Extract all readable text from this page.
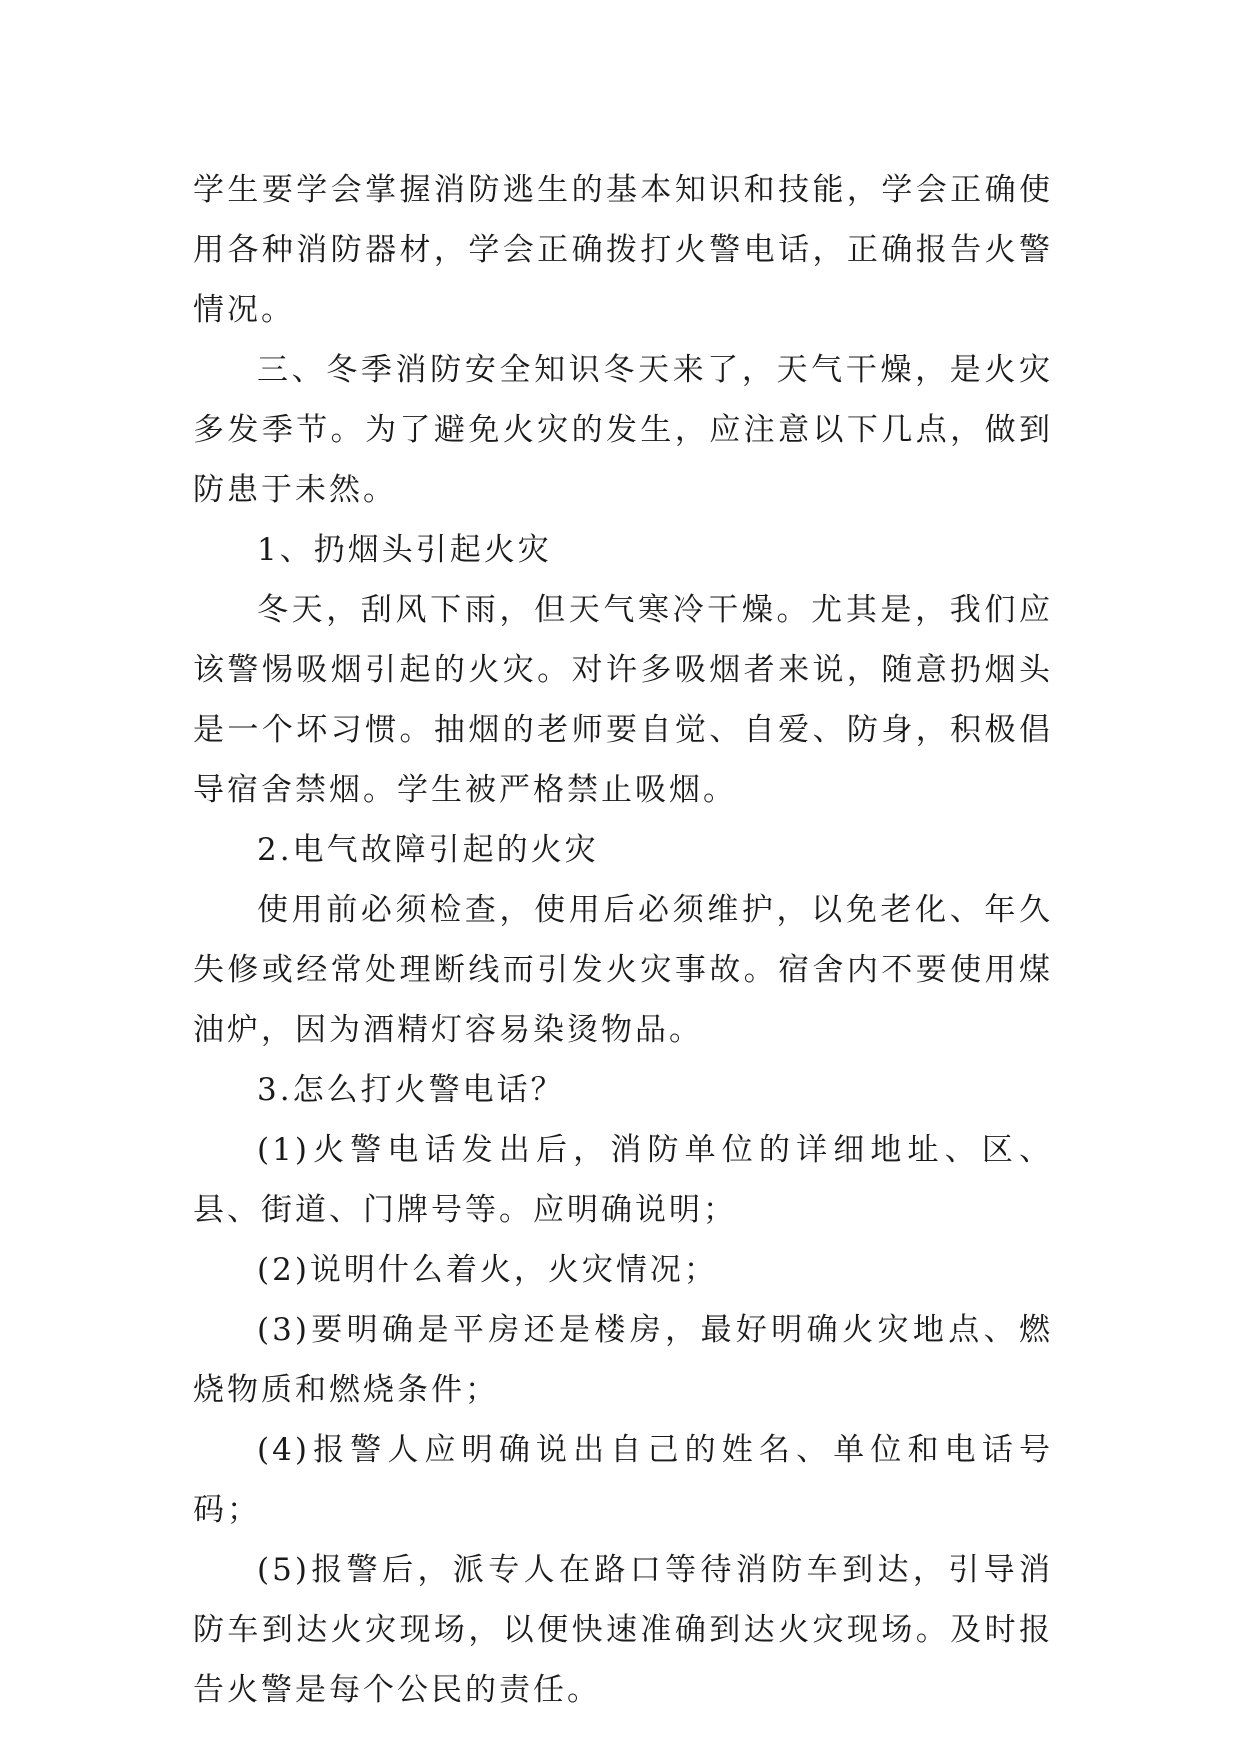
学生要学会掌握消防逃生的基本知识和技能，学会正确使用各种消防器材，学会正确拨打火警电话，正确报告火警情况。

三、冬季消防安全知识冬天来了，天气干燥，是火灾多发季节。为了避免火灾的发生，应注意以下几点，做到防患于未然。

1、扔烟头引起火灾

冬天，刮风下雨，但天气寒冷干燥。尤其是，我们应该警惕吸烟引起的火灾。对许多吸烟者来说，随意扔烟头是一个坏习惯。抽烟的老师要自觉、自爱、防身，积极倡导宿舍禁烟。学生被严格禁止吸烟。

2.电气故障引起的火灾

使用前必须检查，使用后必须维护，以免老化、年久失修或经常处理断线而引发火灾事故。宿舍内不要使用煤油炉，因为酒精灯容易染烫物品。

3.怎么打火警电话？

(1)火警电话发出后，消防单位的详细地址、区、县、街道、门牌号等。应明确说明；

(2)说明什么着火，火灾情况；

(3)要明确是平房还是楼房，最好明确火灾地点、燃烧物质和燃烧条件；

(4)报警人应明确说出自己的姓名、单位和电话号码；

(5)报警后，派专人在路口等待消防车到达，引导消防车到达火灾现场，以便快速准确到达火灾现场。及时报告火警是每个公民的责任。
